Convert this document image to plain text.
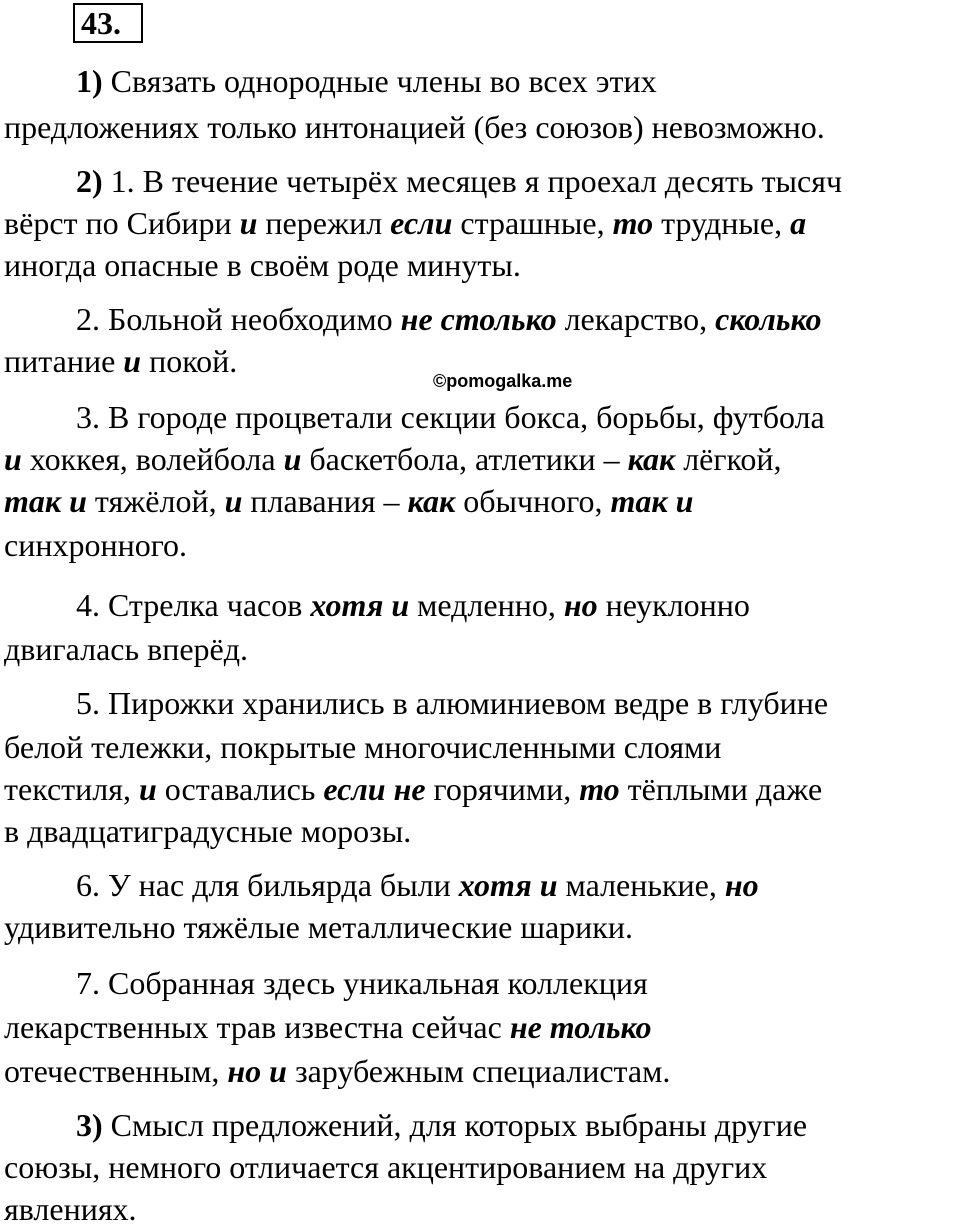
43.
1) Связать однородные члены во всех этих
предложениях только интонацией (без союзов) невозможно.
2) 1. В течение четырёх месяцев я проехал десять тысяч
вёрст по Сибири и пережил если страшные, то трудные, а
иногда опасные в своём роде минуты.
2. Больной необходимо не столько лекарство, сколько
питание и покой.
©pomogalka.me
3. В городе процветали секции бокса, борьбы, футбола
и хоккея, волейбола и баскетбола, атлетики – как лёгкой,
так и тяжёлой, и плавания – как обычного, так и
синхронного.
4. Стрелка часов хотя и медленно, но неуклонно
двигалась вперёд.
5. Пирожки хранились в алюминиевом ведре в глубине
белой тележки, покрытые многочисленными слоями
текстиля, и оставались если не горячими, то тёплыми даже
в двадцатиградусные морозы.
6. У нас для бильярда были хотя и маленькие, но
удивительно тяжёлые металлические шарики.
7. Собранная здесь уникальная коллекция
лекарственных трав известна сейчас не только
отечественным, но и зарубежным специалистам.
3) Смысл предложений, для которых выбраны другие
союзы, немного отличается акцентированием на других
явлениях.
